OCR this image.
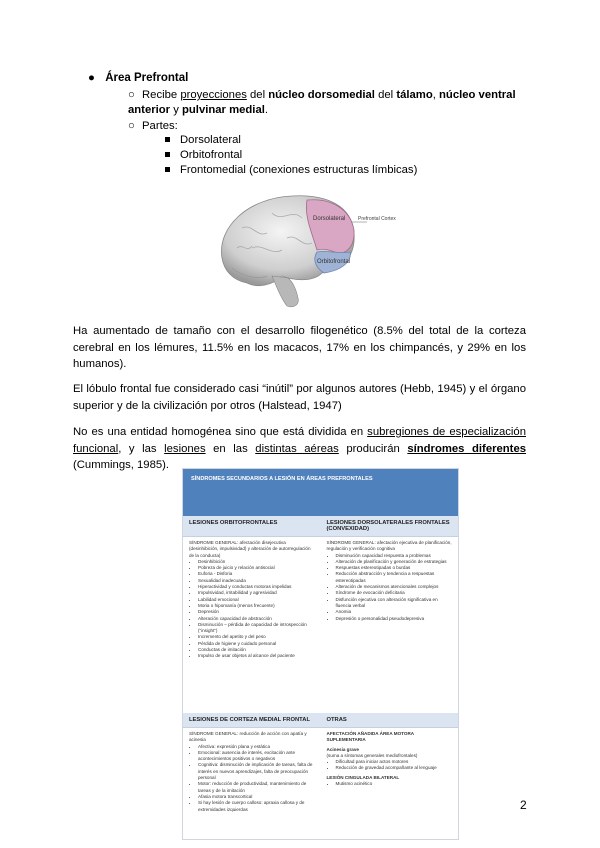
● Área Prefrontal
○ Recibe proyecciones del núcleo dorsomedial del tálamo, núcleo ventral anterior y pulvinar medial.
○ Partes:
Dorsolateral
Orbitofrontal
Frontomedial (conexiones estructuras límbicas)
Dorsolateral
Orbitofrontal
Prefrontal Cortex
Ha aumentado de tamaño con el desarrollo filogenético (8.5% del total de la corteza cerebral en los lémures, 11.5% en los macacos, 17% en los chimpancés, y 29% en los humanos).
El lóbulo frontal fue considerado casi “inútil” por algunos autores (Hebb, 1945) y el órgano superior y de la civilización por otros (Halstead, 1947)
No es una entidad homogénea sino que está dividida en subregiones de especialización funcional, y las lesiones en las distintas aéreas producirán síndromes diferentes (Cummings, 1985).
SÍNDROMES SECUNDARIOS A LESIÓN EN ÁREAS PREFRONTALES
LESIONES ORBITOFRONTALES	LESIONES DORSOLATERALES FRONTALES (CONVEXIDAD)
SÍNDROME GENERAL: afectación disejecutiva (desinhibición, impulsividad) y alteración de autorregulación de la conducta)
• Desinhibición
• Pobreza de juicio y relación antisocial
• Euforia - Disforia
• Sexualidad inadecuada
• Hiperactividad y conductas motoras impelidas
• Impulsividad, irritabilidad y agresividad
• Labilidad emocional
• Moria o hipomanía (menos frecuente)
• Depresión
• Alteración capacidad de abstracción
• Disminución – pérdida de capacidad de introspección (“insight”)
• Incremento del apetito y del peso
• Pérdida de higiene y cuidado personal
• Conductas de imitación
• Impulso de usar objetos al alcance del paciente
SÍNDROME GENERAL: afectación ejecutiva de planificación, regulación y verificación cognitiva
• Disminución capacidad respuesta a problemas
• Alteración de planificación y generación de estrategias
• Respuestas estereotipadas o burdas
• Reducción abstracción y tendencia a respuestas estereotipadas
• Alteración de mecanismos atencionales complejos
• Síndrome de evocación deficitaria
• Disfunción ejecutiva con alteración significativa en fluencia verbal
• Anomia
• Depresión o personalidad pseudodepresiva
LESIONES DE CORTEZA MEDIAL FRONTAL	OTRAS
SÍNDROME GENERAL: reducción de acción con apatía y acinesia
• Afectiva: expresión plana y estática
• Emocional: ausencia de interés, excitación ante acontecimientos positivos o negativos
• Cognitiva: disminución de implicación de tareas, falta de interés en nuevos aprendizajes, falta de preocupación personal
• Motor: reducción de productividad, mantenimiento de tareas y de la imitación
• Afasia motora transcortical
• Si hay lesión de cuerpo calloso: apraxia callosa y de extremidades izquierdas
AFECTACIÓN AÑADIDA ÁREA MOTORA SUPLEMENTARIA
Acinesia grave
(suma a síntomas generales mediofrontales)
• Dificultad para iniciar actos motores
• Reducción de gravedad acompañante al lenguaje
LESIÓN CINGULADA BILATERAL
• Mutismo acinético
2
